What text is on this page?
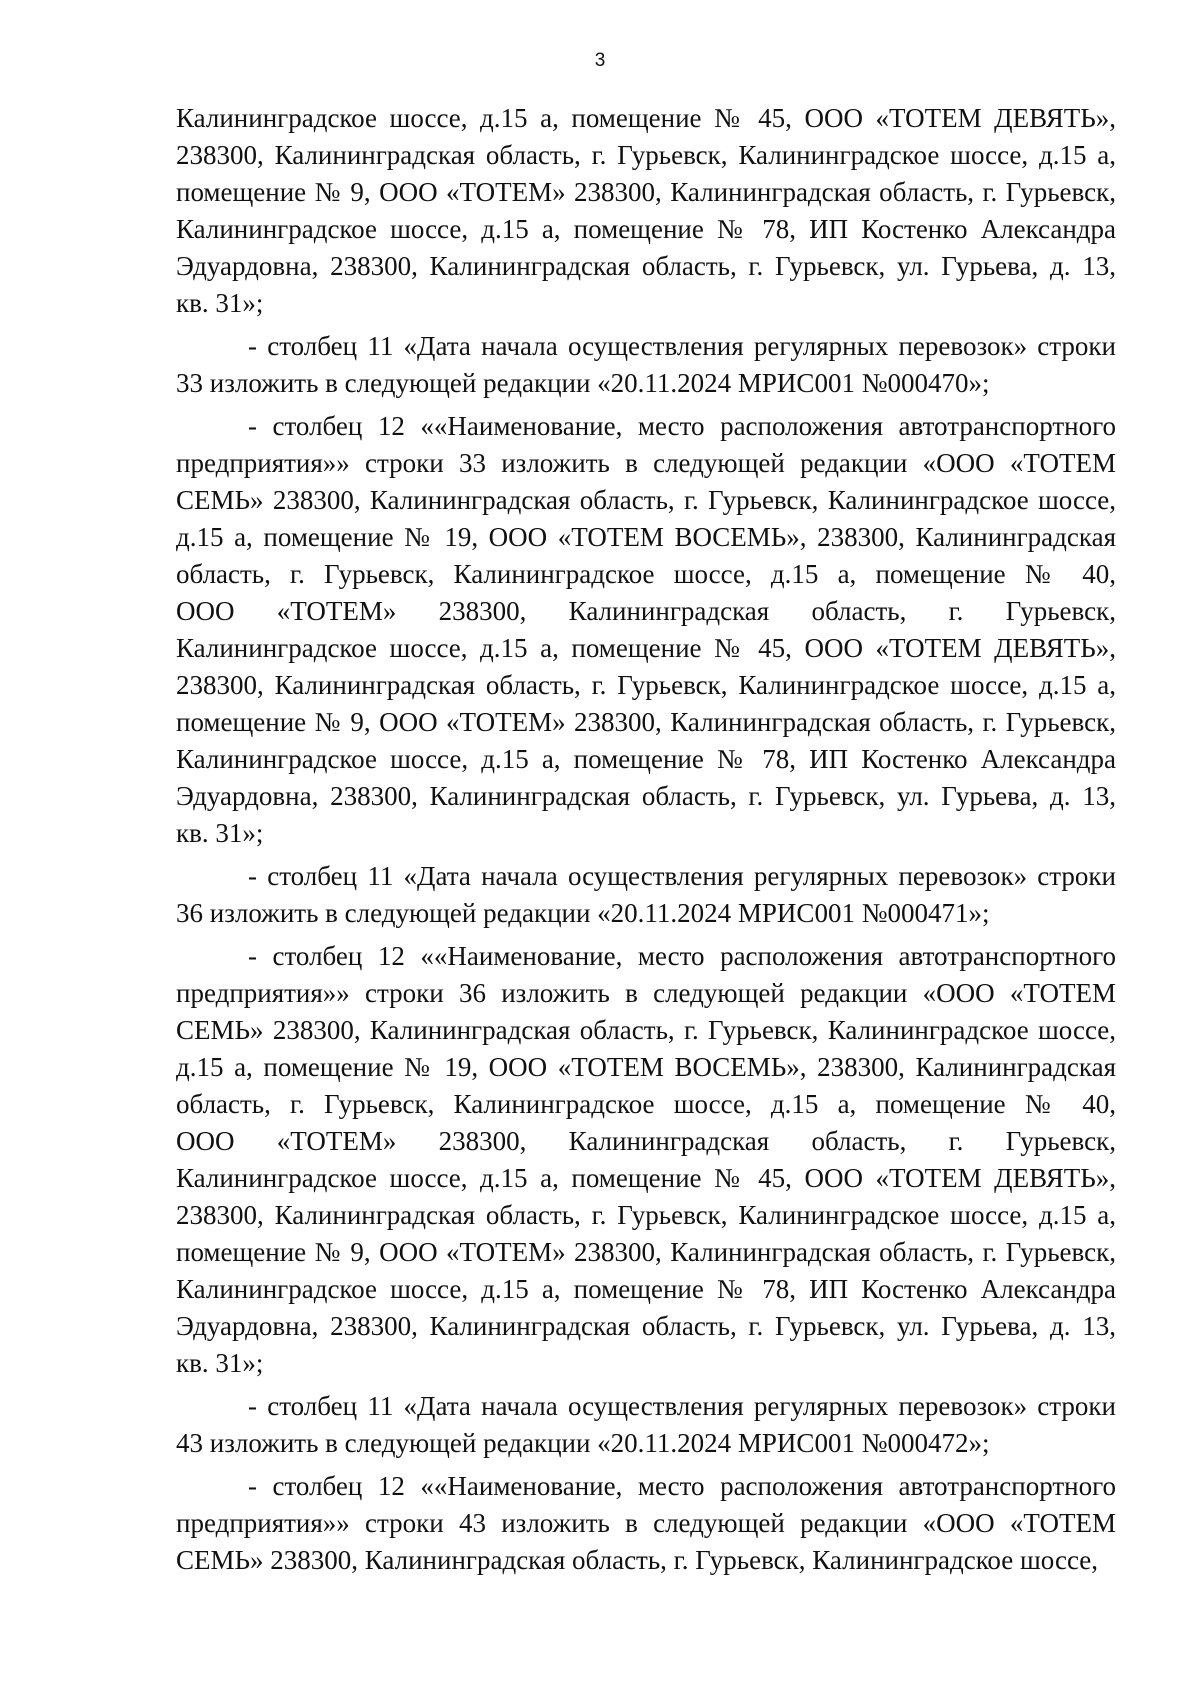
3
Калининградское шоссе, д.15 а, помещение № 45, ООО «ТОТЕМ ДЕВЯТЬ»,
238300, Калининградская область, г. Гурьевск, Калининградское шоссе, д.15 а,
помещение № 9, ООО «ТОТЕМ» 238300, Калининградская область, г. Гурьевск,
Калининградское шоссе, д.15 а, помещение № 78, ИП Костенко Александра
Эдуардовна, 238300, Калининградская область, г. Гурьевск, ул. Гурьева, д. 13,
кв. 31»;
- столбец 11 «Дата начала осуществления регулярных перевозок» строки
33 изложить в следующей редакции «20.11.2024 МРИС001 №000470»;
- столбец 12 ««Наименование, место расположения автотранспортного
предприятия»» строки 33 изложить в следующей редакции «ООО «ТОТЕМ
СЕМЬ» 238300, Калининградская область, г. Гурьевск, Калининградское шоссе,
д.15 а, помещение № 19, ООО «ТОТЕМ ВОСЕМЬ», 238300, Калининградская
область, г. Гурьевск, Калининградское шоссе, д.15 а, помещение № 40,
ООО «ТОТЕМ» 238300, Калининградская область, г. Гурьевск,
Калининградское шоссе, д.15 а, помещение № 45, ООО «ТОТЕМ ДЕВЯТЬ»,
238300, Калининградская область, г. Гурьевск, Калининградское шоссе, д.15 а,
помещение № 9, ООО «ТОТЕМ» 238300, Калининградская область, г. Гурьевск,
Калининградское шоссе, д.15 а, помещение № 78, ИП Костенко Александра
Эдуардовна, 238300, Калининградская область, г. Гурьевск, ул. Гурьева, д. 13,
кв. 31»;
- столбец 11 «Дата начала осуществления регулярных перевозок» строки
36 изложить в следующей редакции «20.11.2024 МРИС001 №000471»;
- столбец 12 ««Наименование, место расположения автотранспортного
предприятия»» строки 36 изложить в следующей редакции «ООО «ТОТЕМ
СЕМЬ» 238300, Калининградская область, г. Гурьевск, Калининградское шоссе,
д.15 а, помещение № 19, ООО «ТОТЕМ ВОСЕМЬ», 238300, Калининградская
область, г. Гурьевск, Калининградское шоссе, д.15 а, помещение № 40,
ООО «ТОТЕМ» 238300, Калининградская область, г. Гурьевск,
Калининградское шоссе, д.15 а, помещение № 45, ООО «ТОТЕМ ДЕВЯТЬ»,
238300, Калининградская область, г. Гурьевск, Калининградское шоссе, д.15 а,
помещение № 9, ООО «ТОТЕМ» 238300, Калининградская область, г. Гурьевск,
Калининградское шоссе, д.15 а, помещение № 78, ИП Костенко Александра
Эдуардовна, 238300, Калининградская область, г. Гурьевск, ул. Гурьева, д. 13,
кв. 31»;
- столбец 11 «Дата начала осуществления регулярных перевозок» строки
43 изложить в следующей редакции «20.11.2024 МРИС001 №000472»;
- столбец 12 ««Наименование, место расположения автотранспортного
предприятия»» строки 43 изложить в следующей редакции «ООО «ТОТЕМ
СЕМЬ» 238300, Калининградская область, г. Гурьевск, Калининградское шоссе,
